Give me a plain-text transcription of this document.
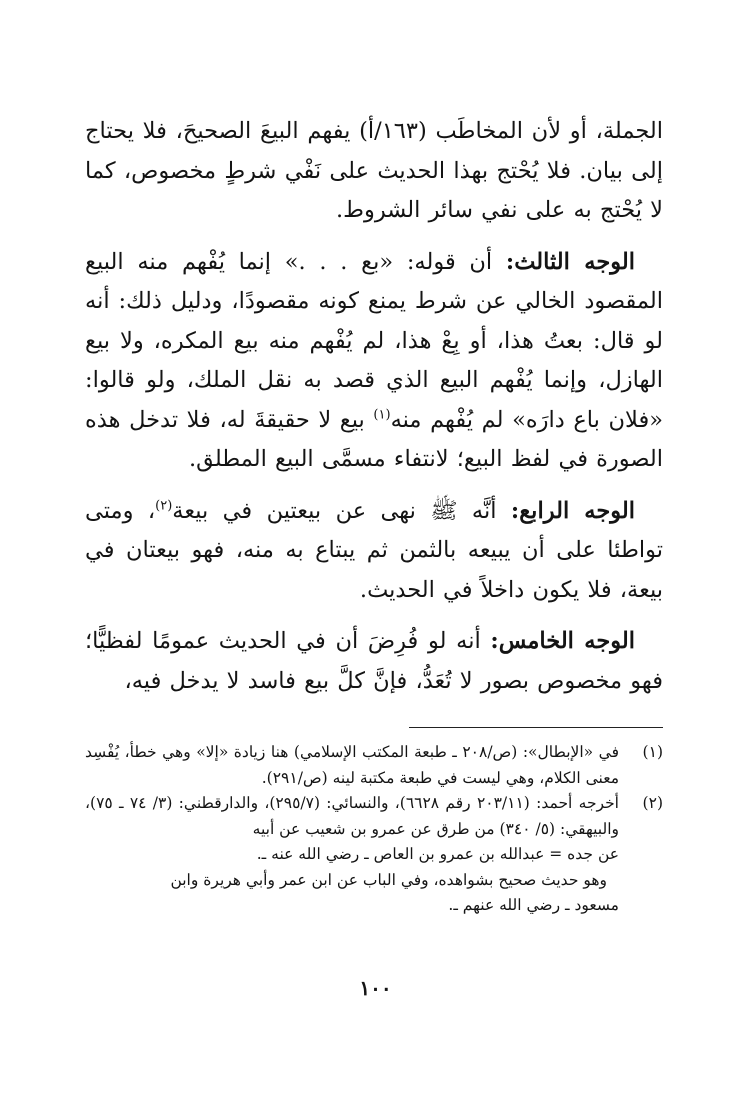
الجملة، أو لأن المخاطَب (١٦٣/أ) يفهم البيعَ الصحيحَ، فلا يحتاج إلى بيان. فلا يُحْتج بهذا الحديث على نَفْي شرطٍ مخصوص، كما لا يُحْتج به على نفي سائر الشروط.

الوجه الثالث: أن قوله: «بع . . .» إنما يُفْهم منه البيع المقصود الخالي عن شرط يمنع كونه مقصودًا، ودليل ذلك: أنه لو قال: بعتُ هذا، أو بِعْ هذا، لم يُفْهم منه بيع المكره، ولا بيع الهازل، وإنما يُفْهم البيع الذي قصد به نقل الملك، ولو قالوا: «فلان باع دارَه» لم يُفْهم منه$^{(١)}$ بيع لا حقيقةَ له، فلا تدخل هذه الصورة في لفظ البيع؛ لانتفاء مسمَّى البيع المطلق.

الوجه الرابع: أنَّه ﷺ نهى عن بيعتين في بيعة$^{(٢)}$، ومتى تواطئا على أن يبيعه بالثمن ثم يبتاع به منه، فهو بيعتان في بيعة، فلا يكون داخلاً في الحديث.

الوجه الخامس: أنه لو فُرِضَ أن في الحديث عمومًا لفظيًّا؛ فهو مخصوص بصور لا تُعَدُّ، فإنَّ كلَّ بيع فاسد لا يدخل فيه،

(١)
في «الإبطال»: (ص/٢٠٨ ـ طبعة المكتب الإسلامي) هنا زيادة «إلا» وهي خطأ، يُفْسِد معنى الكلام، وهي ليست في طبعة مكتبة لينه (ص/٢٩١).
(٢)
أخرجه أحمد: (٢٠٣/١١ رقم ٦٦٢٨)، والنسائي: (٢٩٥/٧)، والدارقطني: (٣/ ٧٤ ـ ٧٥)، والبيهقي: (٥/ ٣٤٠) من طرق عن عمرو بن شعيب عن أبيه
عن جده = عبدالله بن عمرو بن العاص ـ رضي الله عنه ـ.
وهو حديث صحيح بشواهده، وفي الباب عن ابن عمر وأبي هريرة وابن
مسعود ـ رضي الله عنهم ـ.
١٠٠
